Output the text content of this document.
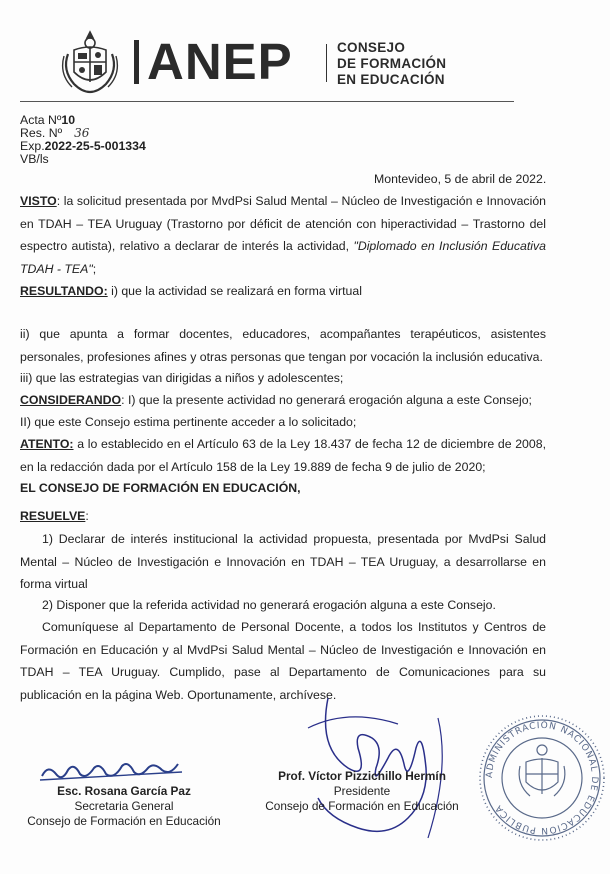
ANEP	CONSEJO
DE FORMACIÓN
EN EDUCACIÓN
Acta Nº10
Res. Nº 36
Exp.2022-25-5-001334
VB/ls
Montevideo, 5 de abril de 2022.
VISTO: la solicitud presentada por MvdPsi Salud Mental – Núcleo de Investigación e Innovación en TDAH – TEA Uruguay (Trastorno por déficit de atención con hiperactividad – Trastorno del espectro autista), relativo a declarar de interés la actividad, "Diplomado en Inclusión Educativa TDAH - TEA";
RESULTANDO: i) que la actividad se realizará en forma virtual
ii) que apunta a formar docentes, educadores, acompañantes terapéuticos, asistentes personales, profesiones afines y otras personas que tengan por vocación la inclusión educativa.
iii) que las estrategias van dirigidas a niños y adolescentes;
CONSIDERANDO: I) que la presente actividad no generará erogación alguna a este Consejo;
II) que este Consejo estima pertinente acceder a lo solicitado;
ATENTO: a lo establecido en el Artículo 63 de la Ley 18.437 de fecha 12 de diciembre de 2008, en la redacción dada por el Artículo 158 de la Ley 19.889 de fecha 9 de julio de 2020;
EL CONSEJO DE FORMACIÓN EN EDUCACIÓN,
RESUELVE:
1) Declarar de interés institucional la actividad propuesta, presentada por MvdPsi Salud Mental – Núcleo de Investigación e Innovación en TDAH – TEA Uruguay, a desarrollarse en forma virtual
2) Disponer que la referida actividad no generará erogación alguna a este Consejo.
Comuníquese al Departamento de Personal Docente, a todos los Institutos y Centros de Formación en Educación y al MvdPsi Salud Mental – Núcleo de Investigación e Innovación en TDAH – TEA Uruguay. Cumplido, pase al Departamento de Comunicaciones para su publicación en la página Web. Oportunamente, archívese.
Esc. Rosana García Paz
Secretaria General
Consejo de Formación en Educación
Prof. Víctor Pizzichillo Hermín
Presidente
Consejo de Formación en Educación
ADMINISTRACIÓN NACIONAL DE EDUCACIÓN PÚBLICA
